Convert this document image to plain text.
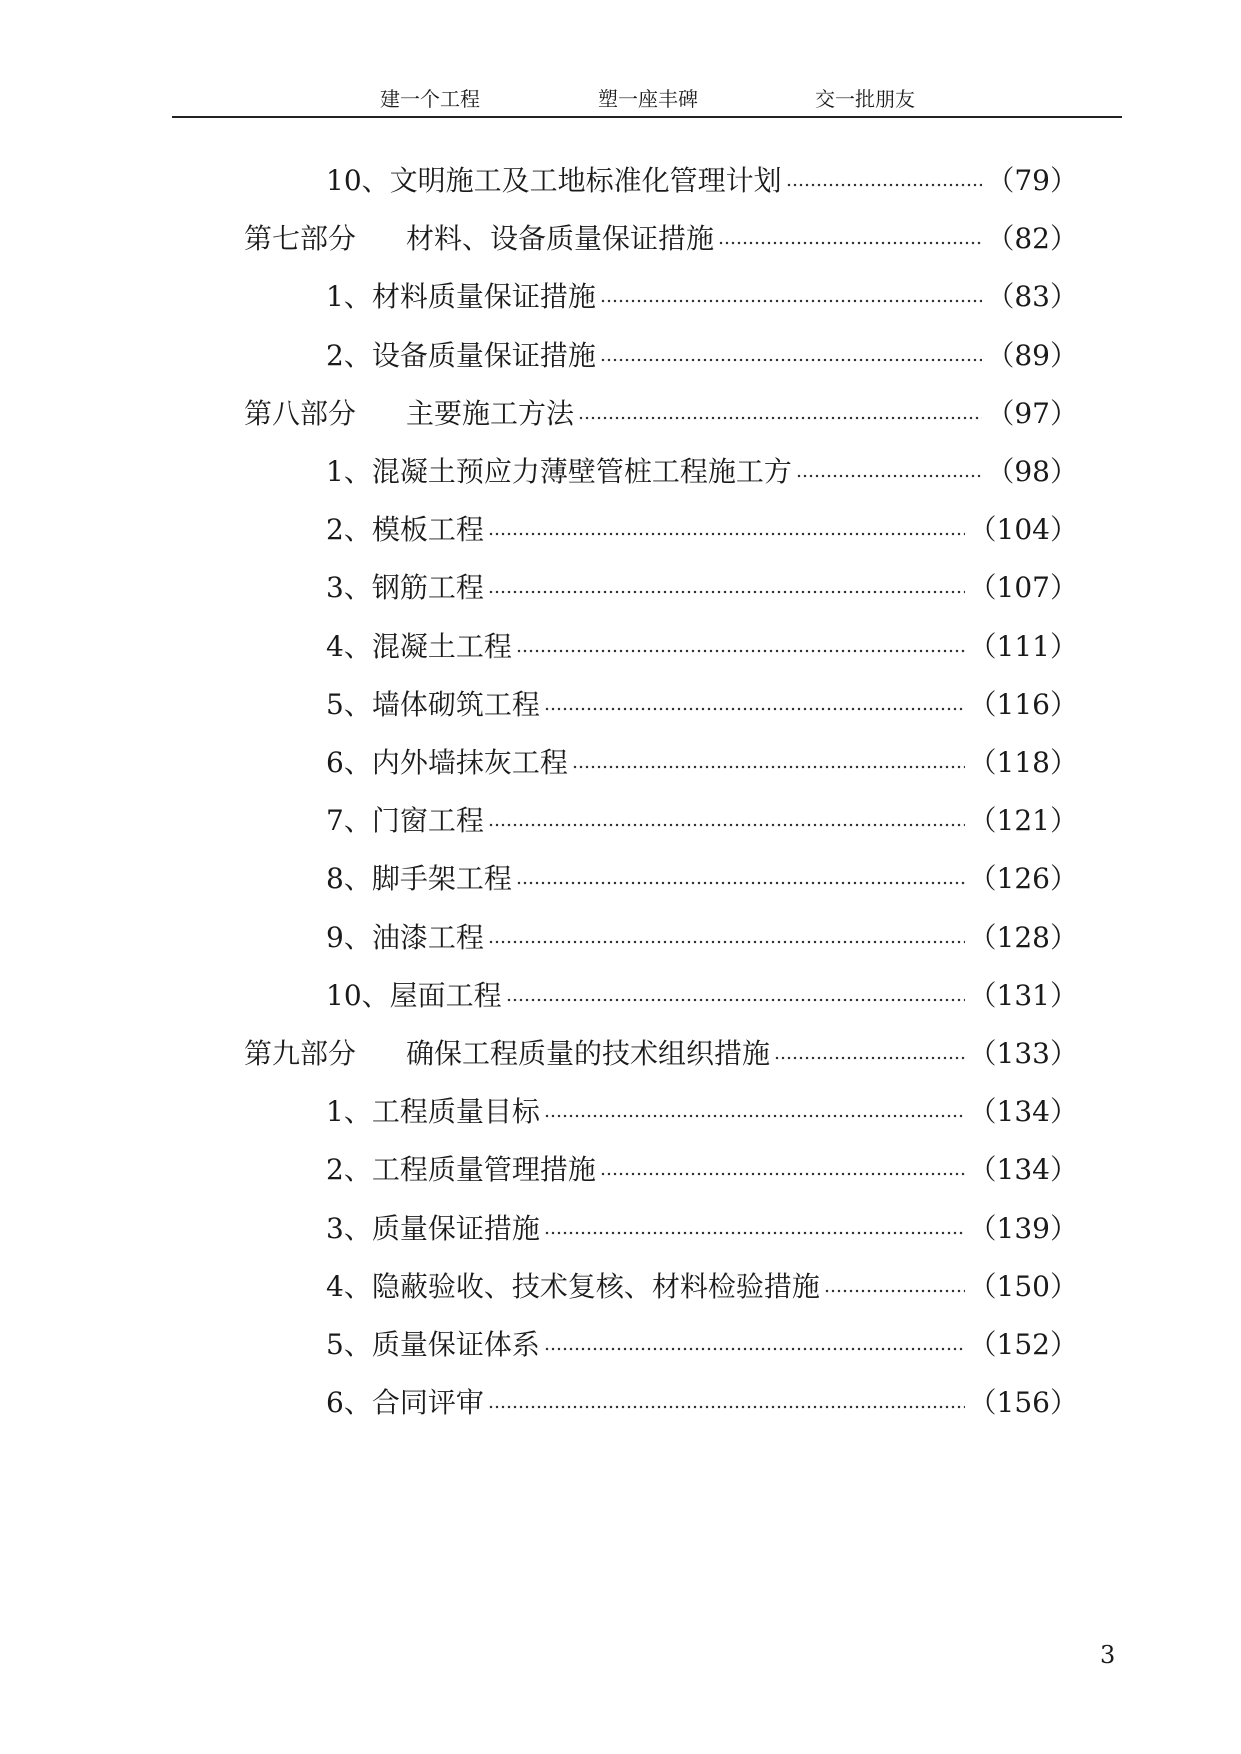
建一个工程	塑一座丰碑	交一批朋友
10、文明施工及工地标准化管理计划	（79）
第七部分 材料、设备质量保证措施	（82）
1、材料质量保证措施	（83）
2、设备质量保证措施	（89）
第八部分 主要施工方法	（97）
1、混凝土预应力薄壁管桩工程施工方	（98）
2、模板工程	（104）
3、钢筋工程	（107）
4、混凝土工程	（111）
5、墙体砌筑工程	（116）
6、内外墙抹灰工程	（118）
7、门窗工程	（121）
8、脚手架工程	（126）
9、油漆工程	（128）
10、屋面工程	（131）
第九部分 确保工程质量的技术组织措施	（133）
1、工程质量目标	（134）
2、工程质量管理措施	（134）
3、质量保证措施	（139）
4、隐蔽验收、技术复核、材料检验措施	（150）
5、质量保证体系	（152）
6、合同评审	（156）
3
